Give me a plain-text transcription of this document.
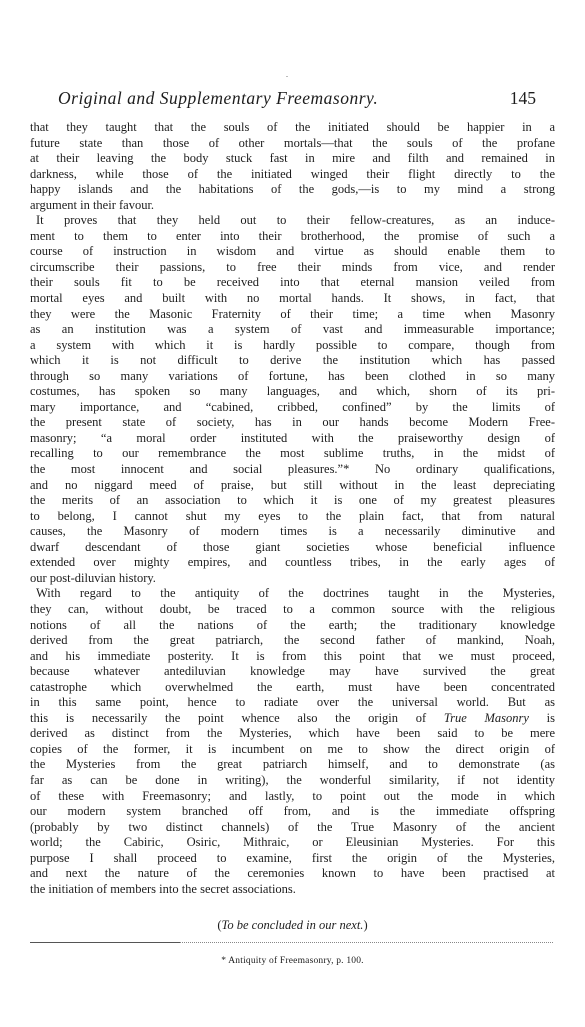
Original and Supplementary Freemasonry.	145
that they taught that the souls of the initiated should be happier in a
future state than those of other mortals—that the souls of the profane
at their leaving the body stuck fast in mire and filth and remained in
darkness, while those of the initiated winged their flight directly to the
happy islands and the habitations of the gods,—is to my mind a strong
argument in their favour.
It proves that they held out to their fellow-creatures, as an induce-
ment to them to enter into their brotherhood, the promise of such a
course of instruction in wisdom and virtue as should enable them to
circumscribe their passions, to free their minds from vice, and render
their souls fit to be received into that eternal mansion veiled from
mortal eyes and built with no mortal hands. It shows, in fact, that
they were the Masonic Fraternity of their time; a time when Masonry
as an institution was a system of vast and immeasurable importance;
a system with which it is hardly possible to compare, though from
which it is not difficult to derive the institution which has passed
through so many variations of fortune, has been clothed in so many
costumes, has spoken so many languages, and which, shorn of its pri-
mary importance, and “cabined, cribbed, confined” by the limits of
the present state of society, has in our hands become Modern Free-
masonry; “a moral order instituted with the praiseworthy design of
recalling to our remembrance the most sublime truths, in the midst of
the most innocent and social pleasures.”* No ordinary qualifications,
and no niggard meed of praise, but still without in the least depreciating
the merits of an association to which it is one of my greatest pleasures
to belong, I cannot shut my eyes to the plain fact, that from natural
causes, the Masonry of modern times is a necessarily diminutive and
dwarf descendant of those giant societies whose beneficial influence
extended over mighty empires, and countless tribes, in the early ages of
our post-diluvian history.
With regard to the antiquity of the doctrines taught in the Mysteries,
they can, without doubt, be traced to a common source with the religious
notions of all the nations of the earth; the traditionary knowledge
derived from the great patriarch, the second father of mankind, Noah,
and his immediate posterity. It is from this point that we must proceed,
because whatever antediluvian knowledge may have survived the great
catastrophe which overwhelmed the earth, must have been concentrated
in this same point, hence to radiate over the universal world. But as
this is necessarily the point whence also the origin of True Masonry is
derived as distinct from the Mysteries, which have been said to be mere
copies of the former, it is incumbent on me to show the direct origin of
the Mysteries from the great patriarch himself, and to demonstrate (as
far as can be done in writing), the wonderful similarity, if not identity
of these with Freemasonry; and lastly, to point out the mode in which
our modern system branched off from, and is the immediate offspring
(probably by two distinct channels) of the True Masonry of the ancient
world; the Cabiric, Osiric, Mithraic, or Eleusinian Mysteries. For this
purpose I shall proceed to examine, first the origin of the Mysteries,
and next the nature of the ceremonies known to have been practised at
the initiation of members into the secret associations.
(To be concluded in our next.)
* Antiquity of Freemasonry, p. 100.
